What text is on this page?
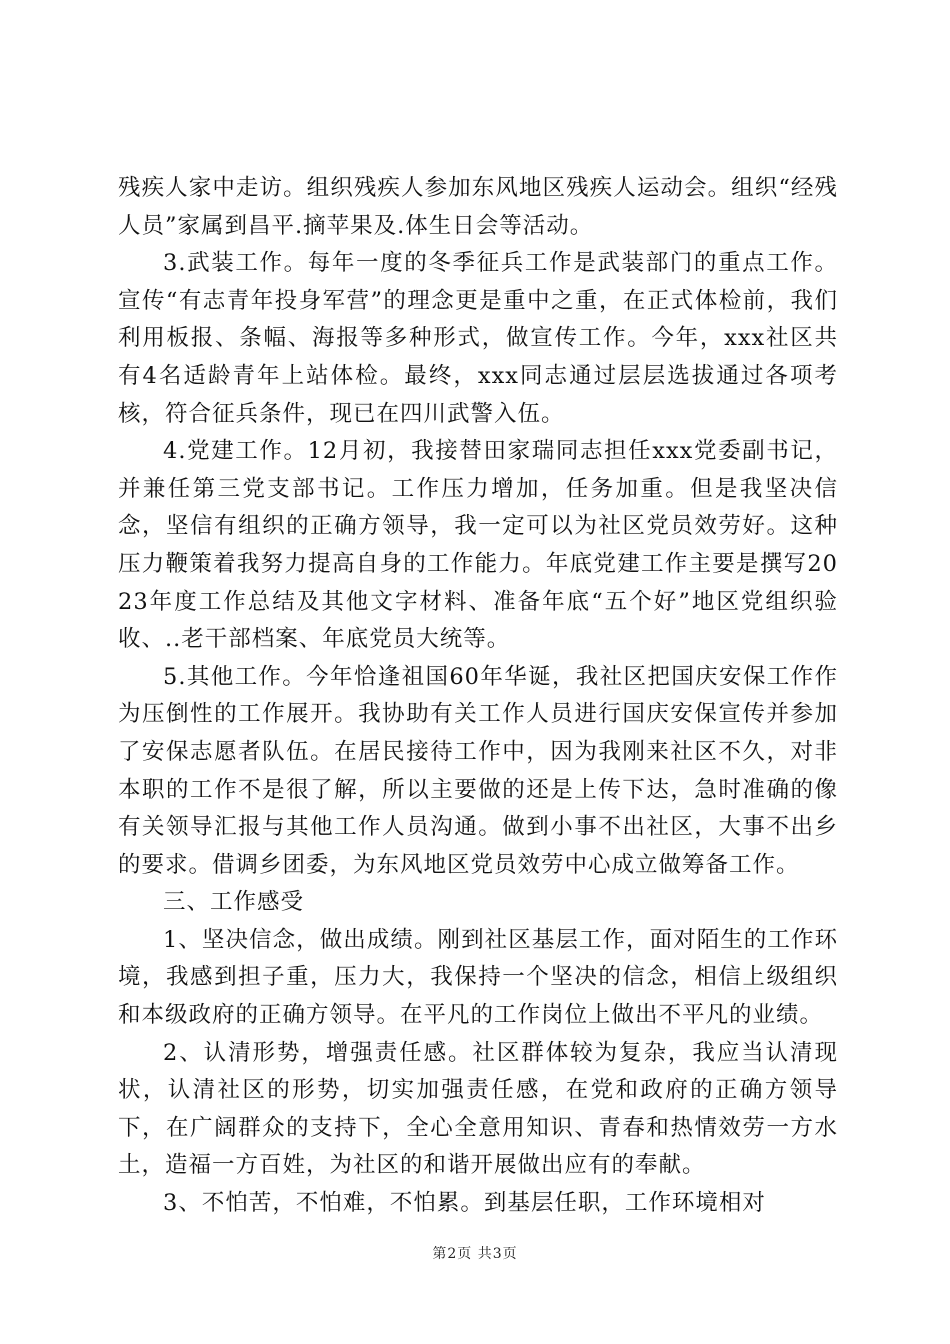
残疾人家中走访。组织残疾人参加东风地区残疾人运动会。组织“经残人员”家属到昌平.摘苹果及.体生日会等活动。

3.武装工作。每年一度的冬季征兵工作是武装部门的重点工作。宣传“有志青年投身军营”的理念更是重中之重，在正式体检前，我们利用板报、条幅、海报等多种形式，做宣传工作。今年，xxx社区共有4名适龄青年上站体检。最终，xxx同志通过层层选拔通过各项考核，符合征兵条件，现已在四川武警入伍。

4.党建工作。12月初，我接替田家瑞同志担任xxx党委副书记，并兼任第三党支部书记。工作压力增加，任务加重。但是我坚决信念，坚信有组织的正确方领导，我一定可以为社区党员效劳好。这种压力鞭策着我努力提高自身的工作能力。年底党建工作主要是撰写2023年度工作总结及其他文字材料、准备年底“五个好”地区党组织验收、..老干部档案、年底党员大统等。

5.其他工作。今年恰逢祖国60年华诞，我社区把国庆安保工作作为压倒性的工作展开。我协助有关工作人员进行国庆安保宣传并参加了安保志愿者队伍。在居民接待工作中，因为我刚来社区不久，对非本职的工作不是很了解，所以主要做的还是上传下达，急时准确的像有关领导汇报与其他工作人员沟通。做到小事不出社区，大事不出乡的要求。借调乡团委，为东风地区党员效劳中心成立做筹备工作。

三、工作感受

1、坚决信念，做出成绩。刚到社区基层工作，面对陌生的工作环境，我感到担子重，压力大，我保持一个坚决的信念，相信上级组织和本级政府的正确方领导。在平凡的工作岗位上做出不平凡的业绩。

2、认清形势，增强责任感。社区群体较为复杂，我应当认清现状，认清社区的形势，切实加强责任感，在党和政府的正确方领导下，在广阔群众的支持下，全心全意用知识、青春和热情效劳一方水土，造福一方百姓，为社区的和谐开展做出应有的奉献。

3、不怕苦，不怕难，不怕累。到基层任职，工作环境相对

第2页 共3页
